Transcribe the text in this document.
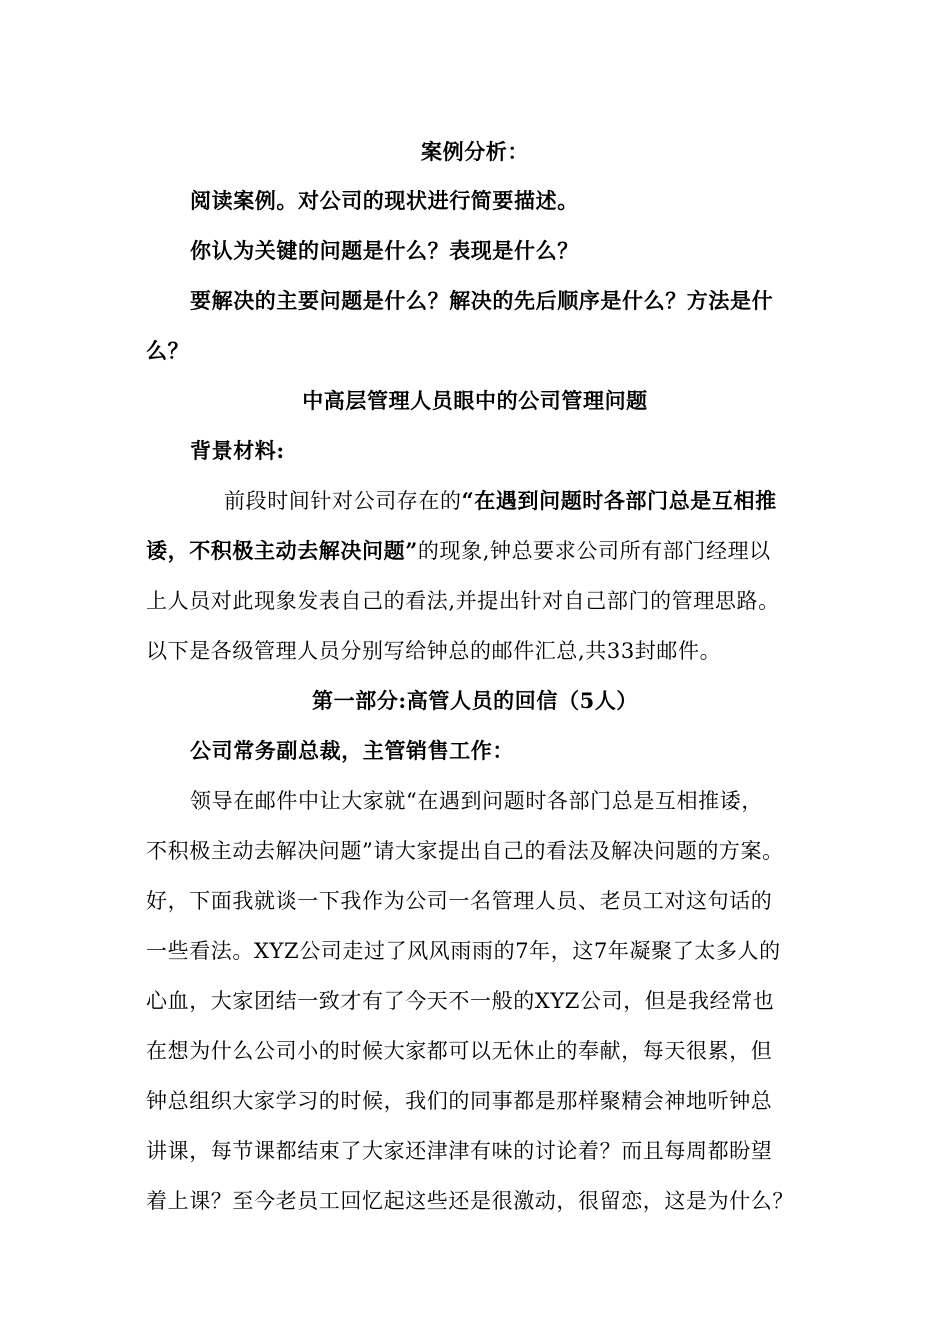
案例分析：
阅读案例。对公司的现状进行简要描述。
你认为关键的问题是什么？表现是什么？
要解决的主要问题是什么？解决的先后顺序是什么？方法是什
么？
中高层管理人员眼中的公司管理问题
背景材料:
前段时间针对公司存在的“在遇到问题时各部门总是互相推
诿，不积极主动去解决问题”的现象,钟总要求公司所有部门经理以
上人员对此现象发表自己的看法,并提出针对自己部门的管理思路。
以下是各级管理人员分别写给钟总的邮件汇总,共33封邮件。
第一部分:高管人员的回信（5人）
公司常务副总裁，主管销售工作：
领导在邮件中让大家就“在遇到问题时各部门总是互相推诿，
不积极主动去解决问题”请大家提出自己的看法及解决问题的方案。
好，下面我就谈一下我作为公司一名管理人员、老员工对这句话的
一些看法。XYZ公司走过了风风雨雨的7年，这7年凝聚了太多人的
心血，大家团结一致才有了今天不一般的XYZ公司，但是我经常也
在想为什么公司小的时候大家都可以无休止的奉献，每天很累，但
钟总组织大家学习的时候，我们的同事都是那样聚精会神地听钟总
讲课，每节课都结束了大家还津津有味的讨论着？而且每周都盼望
着上课？至今老员工回忆起这些还是很激动，很留恋，这是为什么？
